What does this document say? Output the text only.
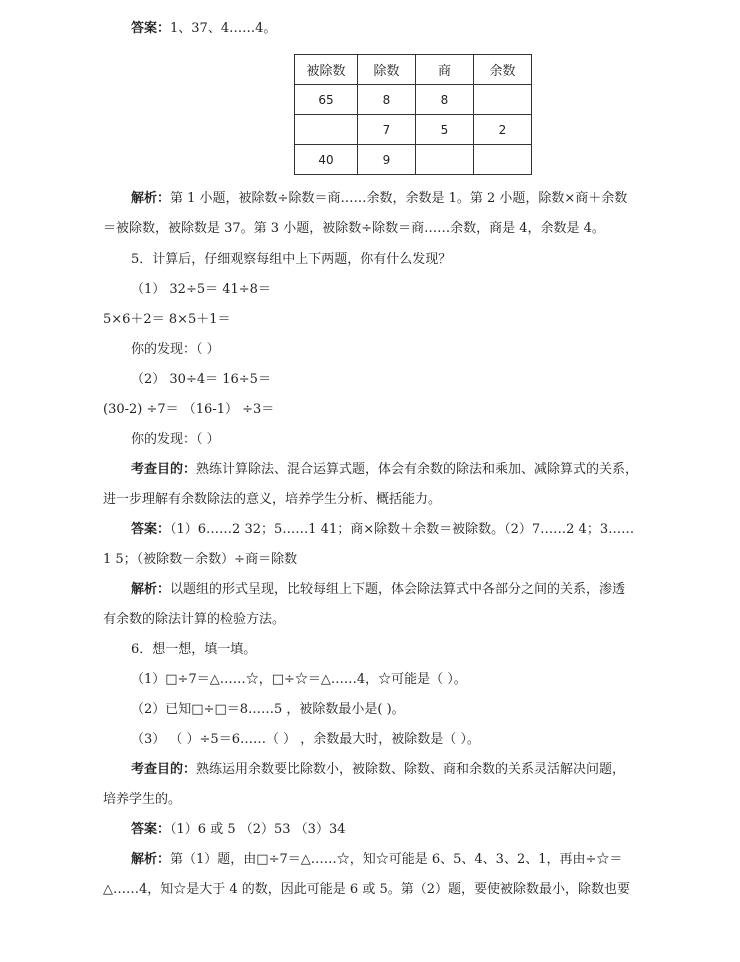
答案：1、37、4……4。
被除数	除数	商	余数
65	8	8	
	7	5	2
40	9		
解析：第 1 小题，被除数÷除数＝商……余数，余数是 1。第 2 小题，除数×商＋余数
＝被除数，被除数是 37。第 3 小题，被除数÷除数＝商……余数，商是 4，余数是 4。
5．计算后，仔细观察每组中上下两题，你有什么发现？
（1） 32÷5＝ 41÷8＝
5×6＋2＝ 8×5＋1＝
你的发现：（ ）
（2） 30÷4＝ 16÷5＝
(30-2) ÷7＝ （16-1） ÷3＝
你的发现：（ ）
考查目的：熟练计算除法、混合运算式题，体会有余数的除法和乘加、减除算式的关系，
进一步理解有余数除法的意义，培养学生分析、概括能力。
答案：（1）6……2 32；5……1 41；商×除数＋余数＝被除数。（2）7……2 4；3……
1 5；（被除数－余数）÷商＝除数
解析：以题组的形式呈现，比较每组上下题，体会除法算式中各部分之间的关系，渗透
有余数的除法计算的检验方法。
6．想一想，填一填。
（1）□÷7＝△……☆，□÷☆＝△……4，☆可能是（ ）。
（2）已知□÷□＝8……5 ，被除数最小是( )。
（3） （ ）÷5＝6……（ ） ，余数最大时，被除数是（ ）。
考查目的：熟练运用余数要比除数小，被除数、除数、商和余数的关系灵活解决问题，
培养学生的。
答案：（1）6 或 5 （2）53 （3）34
解析：第（1）题，由□÷7＝△……☆，知☆可能是 6、5、4、3、2、1，再由÷☆＝
△……4，知☆是大于 4 的数，因此可能是 6 或 5。第（2）题，要使被除数最小，除数也要
